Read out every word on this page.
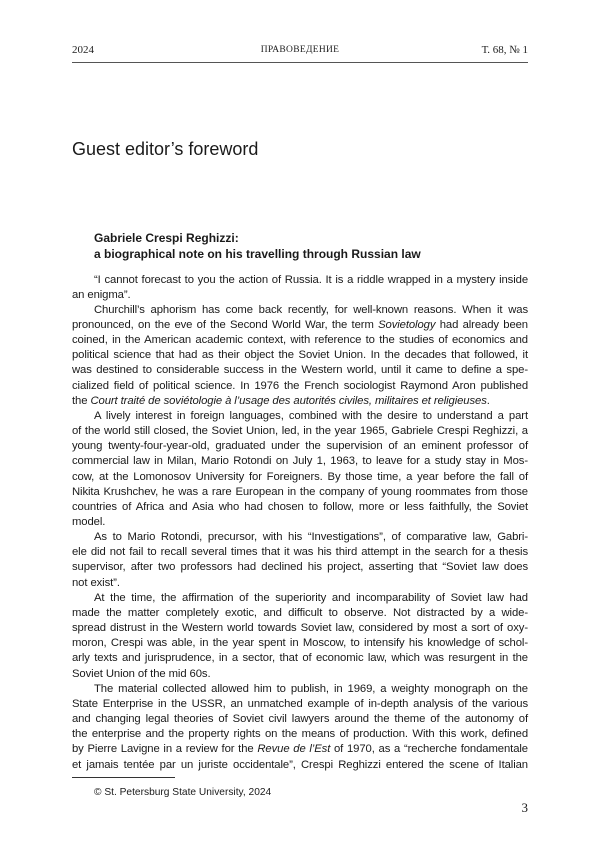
2024	ПРАВОВЕДЕНИЕ	Т. 68, № 1
Guest editor’s foreword
Gabriele Crespi Reghizzi:
a biographical note on his travelling through Russian law
“I cannot forecast to you the action of Russia. It is a riddle wrapped in a mystery inside
an enigma”.
Churchill’s aphorism has come back recently, for well-known reasons. When it was
pronounced, on the eve of the Second World War, the term Sovietology had already been
coined, in the American academic context, with reference to the studies of economics and
political science that had as their object the Soviet Union. In the decades that followed, it
was destined to considerable success in the Western world, until it came to define a spe-
cialized field of political science. In 1976 the French sociologist Raymond Aron published
the Court traité de soviétologie à l’usage des autorités civiles, militaires et religieuses.
A lively interest in foreign languages, combined with the desire to understand a part
of the world still closed, the Soviet Union, led, in the year 1965, Gabriele Crespi Reghizzi, a
young twenty-four-year-old, graduated under the supervision of an eminent professor of
commercial law in Milan, Mario Rotondi on July 1, 1963, to leave for a study stay in Mos-
cow, at the Lomonosov University for Foreigners. By those time, a year before the fall of
Nikita Krushchev, he was a rare European in the company of young roommates from those
countries of Africa and Asia who had chosen to follow, more or less faithfully, the Soviet
model.
As to Mario Rotondi, precursor, with his “Investigations”, of comparative law, Gabri-
ele did not fail to recall several times that it was his third attempt in the search for a thesis
supervisor, after two professors had declined his project, asserting that “Soviet law does
not exist”.
At the time, the affirmation of the superiority and incomparability of Soviet law had
made the matter completely exotic, and difficult to observe. Not distracted by a wide-
spread distrust in the Western world towards Soviet law, considered by most a sort of oxy-
moron, Crespi was able, in the year spent in Moscow, to intensify his knowledge of schol-
arly texts and jurisprudence, in a sector, that of economic law, which was resurgent in the
Soviet Union of the mid 60s.
The material collected allowed him to publish, in 1969, a weighty monograph on the
State Enterprise in the USSR, an unmatched example of in-depth analysis of the various
and changing legal theories of Soviet civil lawyers around the theme of the autonomy of
the enterprise and the property rights on the means of production. With this work, defined
by Pierre Lavigne in a review for the Revue de l’Est of 1970, as a “recherche fondamentale
et jamais tentée par un juriste occidentale”, Crespi Reghizzi entered the scene of Italian
© St. Petersburg State University, 2024
3
